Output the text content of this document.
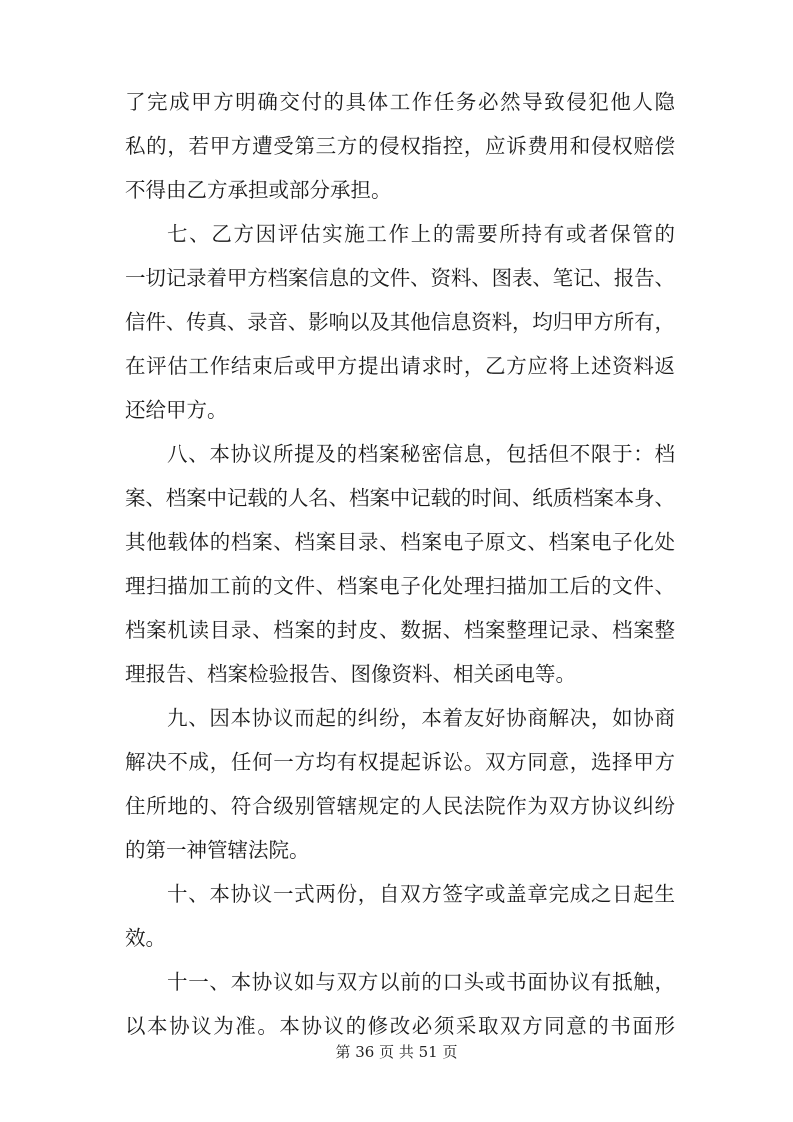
了完成甲方明确交付的具体工作任务必然导致侵犯他人隐
私的，若甲方遭受第三方的侵权指控，应诉费用和侵权赔偿
不得由乙方承担或部分承担。
七、乙方因评估实施工作上的需要所持有或者保管的
一切记录着甲方档案信息的文件、资料、图表、笔记、报告、
信件、传真、录音、影响以及其他信息资料，均归甲方所有，
在评估工作结束后或甲方提出请求时，乙方应将上述资料返
还给甲方。
八、本协议所提及的档案秘密信息，包括但不限于：档
案、档案中记载的人名、档案中记载的时间、纸质档案本身、
其他载体的档案、档案目录、档案电子原文、档案电子化处
理扫描加工前的文件、档案电子化处理扫描加工后的文件、
档案机读目录、档案的封皮、数据、档案整理记录、档案整
理报告、档案检验报告、图像资料、相关函电等。
九、因本协议而起的纠纷，本着友好协商解决，如协商
解决不成，任何一方均有权提起诉讼。双方同意，选择甲方
住所地的、符合级别管辖规定的人民法院作为双方协议纠纷
的第一神管辖法院。
十、本协议一式两份，自双方签字或盖章完成之日起生
效。
十一、本协议如与双方以前的口头或书面协议有抵触，
以本协议为准。本协议的修改必须采取双方同意的书面形
第 36 页 共 51 页
